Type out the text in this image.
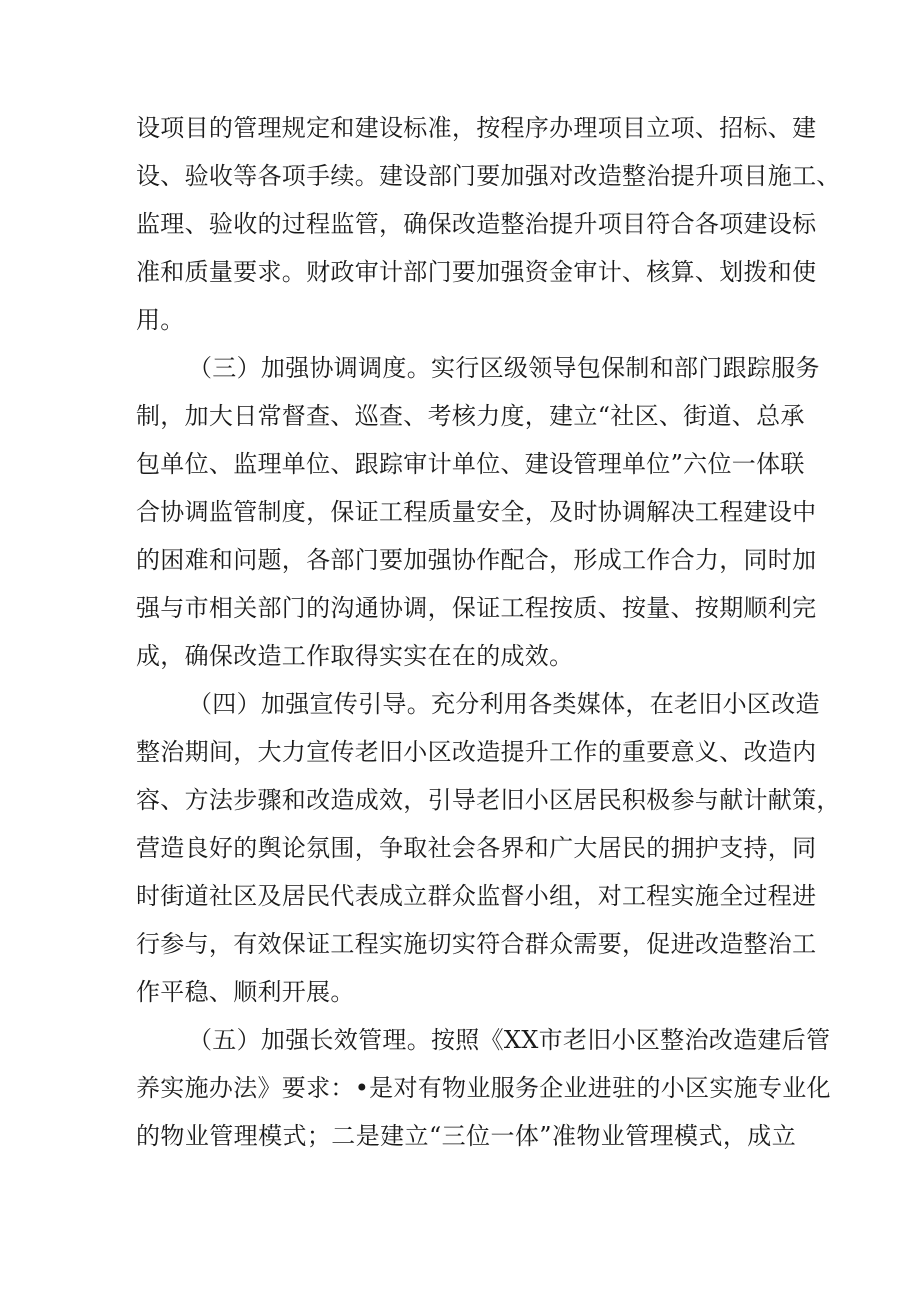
设项目的管理规定和建设标准，按程序办理项目立项、招标、建
设、验收等各项手续。建设部门要加强对改造整治提升项目施工、
监理、验收的过程监管，确保改造整治提升项目符合各项建设标
准和质量要求。财政审计部门要加强资金审计、核算、划拨和使
用。
（三）加强协调调度。实行区级领导包保制和部门跟踪服务
制，加大日常督查、巡查、考核力度，建立“社区、街道、总承
包单位、监理单位、跟踪审计单位、建设管理单位”六位一体联
合协调监管制度，保证工程质量安全，及时协调解决工程建设中
的困难和问题，各部门要加强协作配合，形成工作合力，同时加
强与市相关部门的沟通协调，保证工程按质、按量、按期顺利完
成，确保改造工作取得实实在在的成效。
（四）加强宣传引导。充分利用各类媒体，在老旧小区改造
整治期间，大力宣传老旧小区改造提升工作的重要意义、改造内
容、方法步骤和改造成效，引导老旧小区居民积极参与献计献策，
营造良好的舆论氛围，争取社会各界和广大居民的拥护支持，同
时街道社区及居民代表成立群众监督小组，对工程实施全过程进
行参与，有效保证工程实施切实符合群众需要，促进改造整治工
作平稳、顺利开展。
（五）加强长效管理。按照《XX市老旧小区整治改造建后管
养实施办法》要求：•是对有物业服务企业进驻的小区实施专业化
的物业管理模式；二是建立“三位一体”准物业管理模式，成立
